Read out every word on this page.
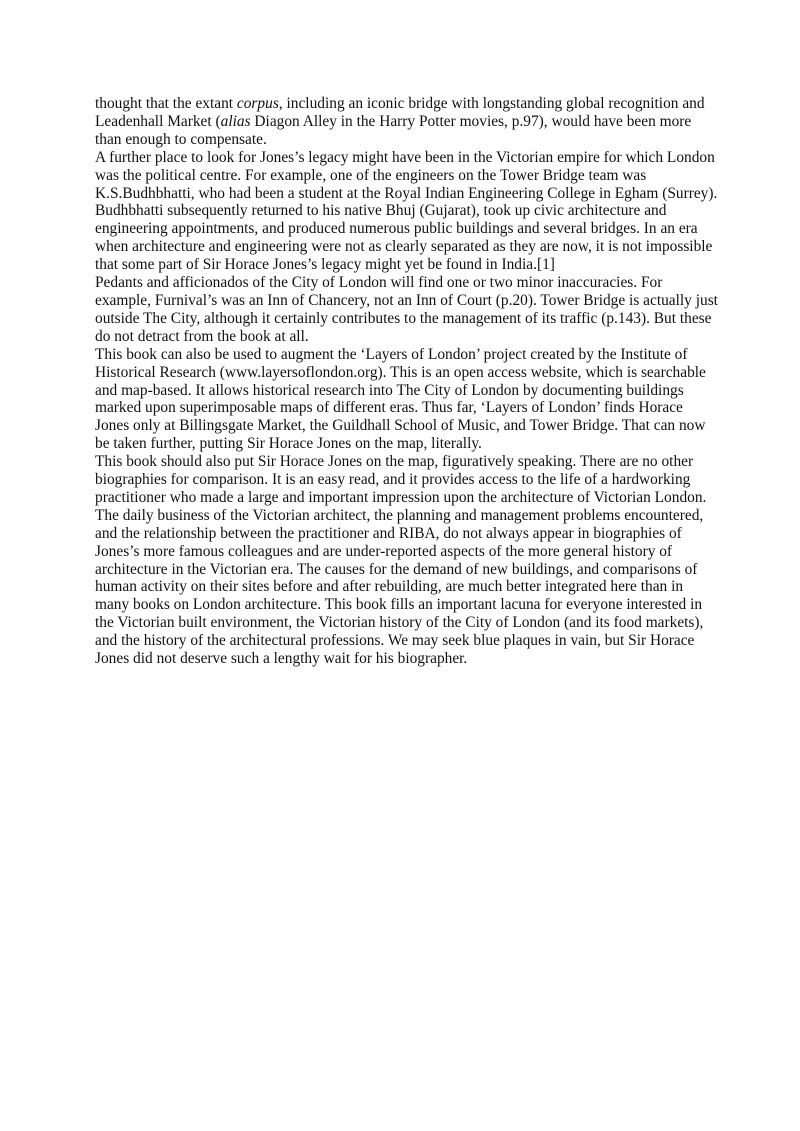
thought that the extant corpus, including an iconic bridge with longstanding global recognition and Leadenhall Market (alias Diagon Alley in the Harry Potter movies, p.97), would have been more than enough to compensate.

A further place to look for Jones’s legacy might have been in the Victorian empire for which London was the political centre. For example, one of the engineers on the Tower Bridge team was K.S.Budhbhatti, who had been a student at the Royal Indian Engineering College in Egham (Surrey). Budhbhatti subsequently returned to his native Bhuj (Gujarat), took up civic architecture and engineering appointments, and produced numerous public buildings and several bridges. In an era when architecture and engineering were not as clearly separated as they are now, it is not impossible that some part of Sir Horace Jones’s legacy might yet be found in India.[1]

Pedants and afficionados of the City of London will find one or two minor inaccuracies. For example, Furnival’s was an Inn of Chancery, not an Inn of Court (p.20). Tower Bridge is actually just outside The City, although it certainly contributes to the management of its traffic (p.143). But these do not detract from the book at all.

This book can also be used to augment the ‘Layers of London’ project created by the Institute of Historical Research (www.layersoflondon.org). This is an open access website, which is searchable and map-based. It allows historical research into The City of London by documenting buildings marked upon superimposable maps of different eras. Thus far, ‘Layers of London’ finds Horace Jones only at Billingsgate Market, the Guildhall School of Music, and Tower Bridge. That can now be taken further, putting Sir Horace Jones on the map, literally.

This book should also put Sir Horace Jones on the map, figuratively speaking. There are no other biographies for comparison. It is an easy read, and it provides access to the life of a hardworking practitioner who made a large and important impression upon the architecture of Victorian London. The daily business of the Victorian architect, the planning and management problems encountered, and the relationship between the practitioner and RIBA, do not always appear in biographies of Jones’s more famous colleagues and are under-reported aspects of the more general history of architecture in the Victorian era. The causes for the demand of new buildings, and comparisons of human activity on their sites before and after rebuilding, are much better integrated here than in many books on London architecture. This book fills an important lacuna for everyone interested in the Victorian built environment, the Victorian history of the City of London (and its food markets), and the history of the architectural professions. We may seek blue plaques in vain, but Sir Horace Jones did not deserve such a lengthy wait for his biographer.
